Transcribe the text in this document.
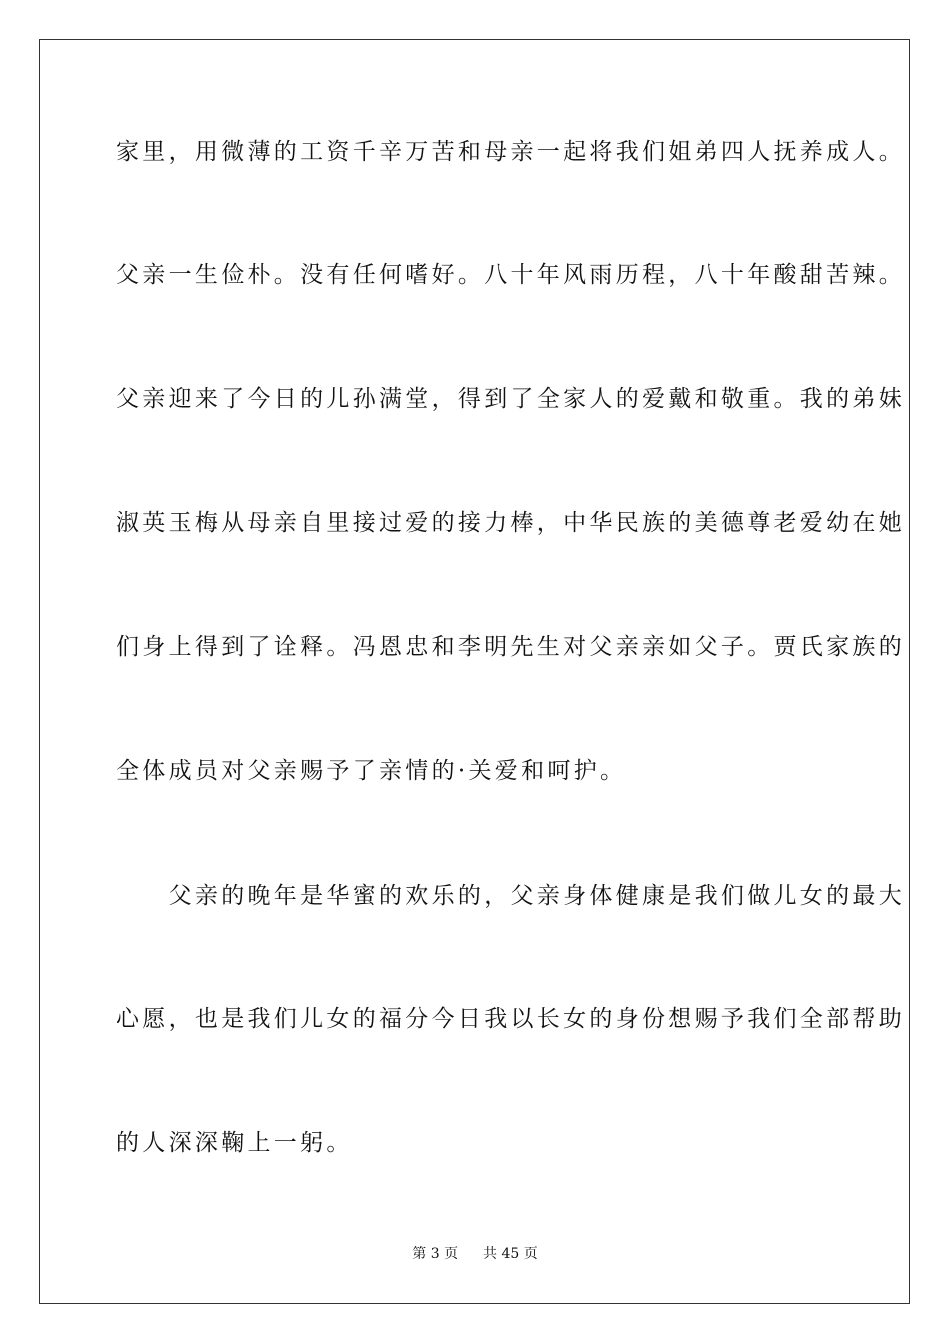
家里，用微薄的工资千辛万苦和母亲一起将我们姐弟四人抚养成人。
父亲一生俭朴。没有任何嗜好。八十年风雨历程，八十年酸甜苦辣。
父亲迎来了今日的儿孙满堂，得到了全家人的爱戴和敬重。我的弟妹
淑英玉梅从母亲自里接过爱的接力棒，中华民族的美德尊老爱幼在她
们身上得到了诠释。冯恩忠和李明先生对父亲亲如父子。贾氏家族的
全体成员对父亲赐予了亲情的·关爱和呵护。
　　父亲的晚年是华蜜的欢乐的，父亲身体健康是我们做儿女的最大
心愿，也是我们儿女的福分今日我以长女的身份想赐予我们全部帮助
的人深深鞠上一躬。
第 3 页 共 45 页
